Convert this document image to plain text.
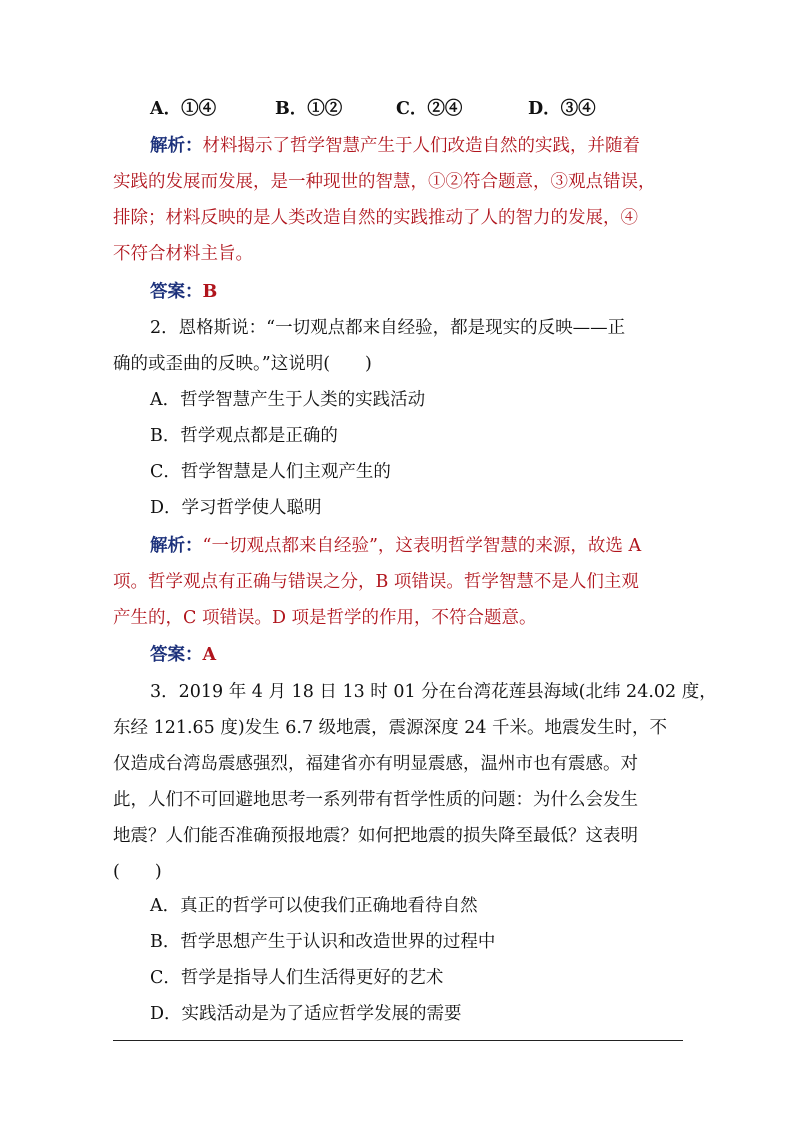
A．①④	B．①②	C．②④	D．③④
解析：材料揭示了哲学智慧产生于人们改造自然的实践，并随着
实践的发展而发展，是一种现世的智慧，①②符合题意，③观点错误，
排除；材料反映的是人类改造自然的实践推动了人的智力的发展，④
不符合材料主旨。
答案：B
2．恩格斯说：“一切观点都来自经验，都是现实的反映——正
确的或歪曲的反映。”这说明(　　)
A．哲学智慧产生于人类的实践活动
B．哲学观点都是正确的
C．哲学智慧是人们主观产生的
D．学习哲学使人聪明
解析：“一切观点都来自经验”，这表明哲学智慧的来源，故选 A
项。哲学观点有正确与错误之分，B 项错误。哲学智慧不是人们主观
产生的，C 项错误。D 项是哲学的作用，不符合题意。
答案：A
3．2019 年 4 月 18 日 13 时 01 分在台湾花莲县海域(北纬 24.02 度，
东经 121.65 度)发生 6.7 级地震，震源深度 24 千米。地震发生时，不
仅造成台湾岛震感强烈，福建省亦有明显震感，温州市也有震感。对
此，人们不可回避地思考一系列带有哲学性质的问题：为什么会发生
地震？人们能否准确预报地震？如何把地震的损失降至最低？这表明
(　　)
A．真正的哲学可以使我们正确地看待自然
B．哲学思想产生于认识和改造世界的过程中
C．哲学是指导人们生活得更好的艺术
D．实践活动是为了适应哲学发展的需要
